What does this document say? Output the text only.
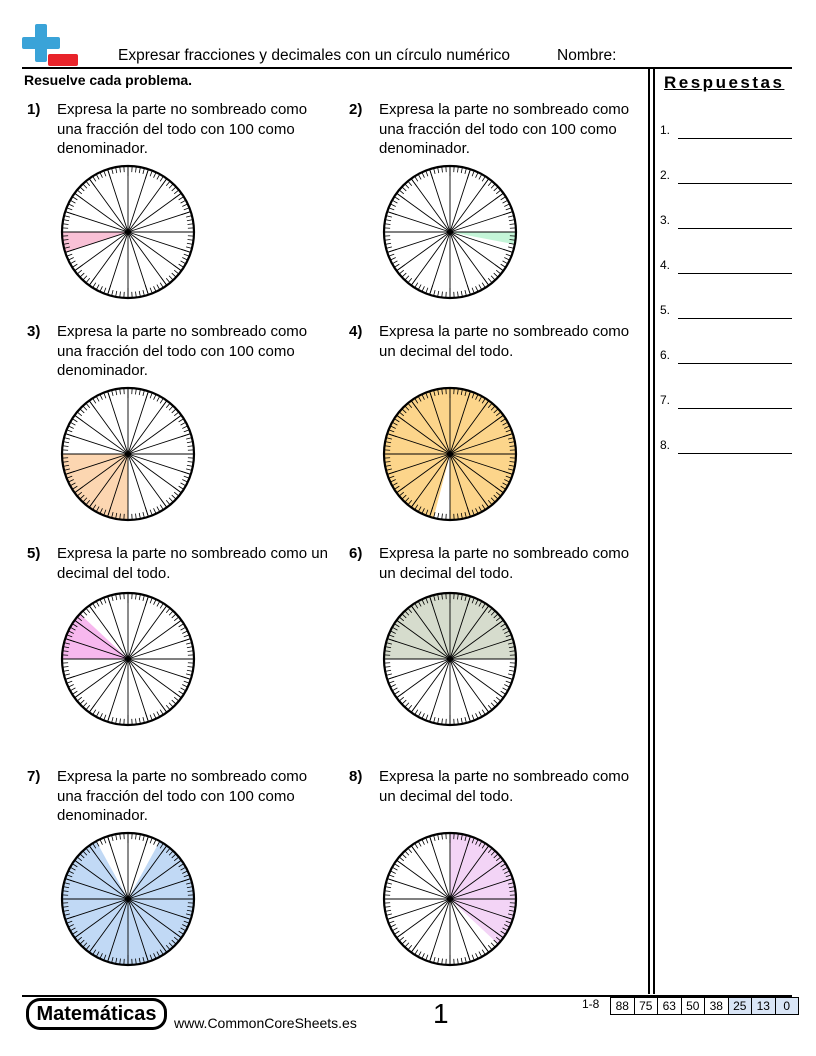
Expresar fracciones y decimales con un círculo numérico	Nombre:
Resuelve cada problema.	Respuestas
1.
2.
3.
4.
5.
6.
7.
8.
1) Expresa la parte no sombreado como
una fracción del todo con 100 como
denominador.
2) Expresa la parte no sombreado como
una fracción del todo con 100 como
denominador.
3) Expresa la parte no sombreado como
una fracción del todo con 100 como
denominador.
4) Expresa la parte no sombreado como
un decimal del todo.
5) Expresa la parte no sombreado como un
decimal del todo.
6) Expresa la parte no sombreado como
un decimal del todo.
7) Expresa la parte no sombreado como
una fracción del todo con 100 como
denominador.
8) Expresa la parte no sombreado como
un decimal del todo.
Matemáticas	www.CommonCoreSheets.es	1	1-8	88 75 63 50 38 25 13	0
